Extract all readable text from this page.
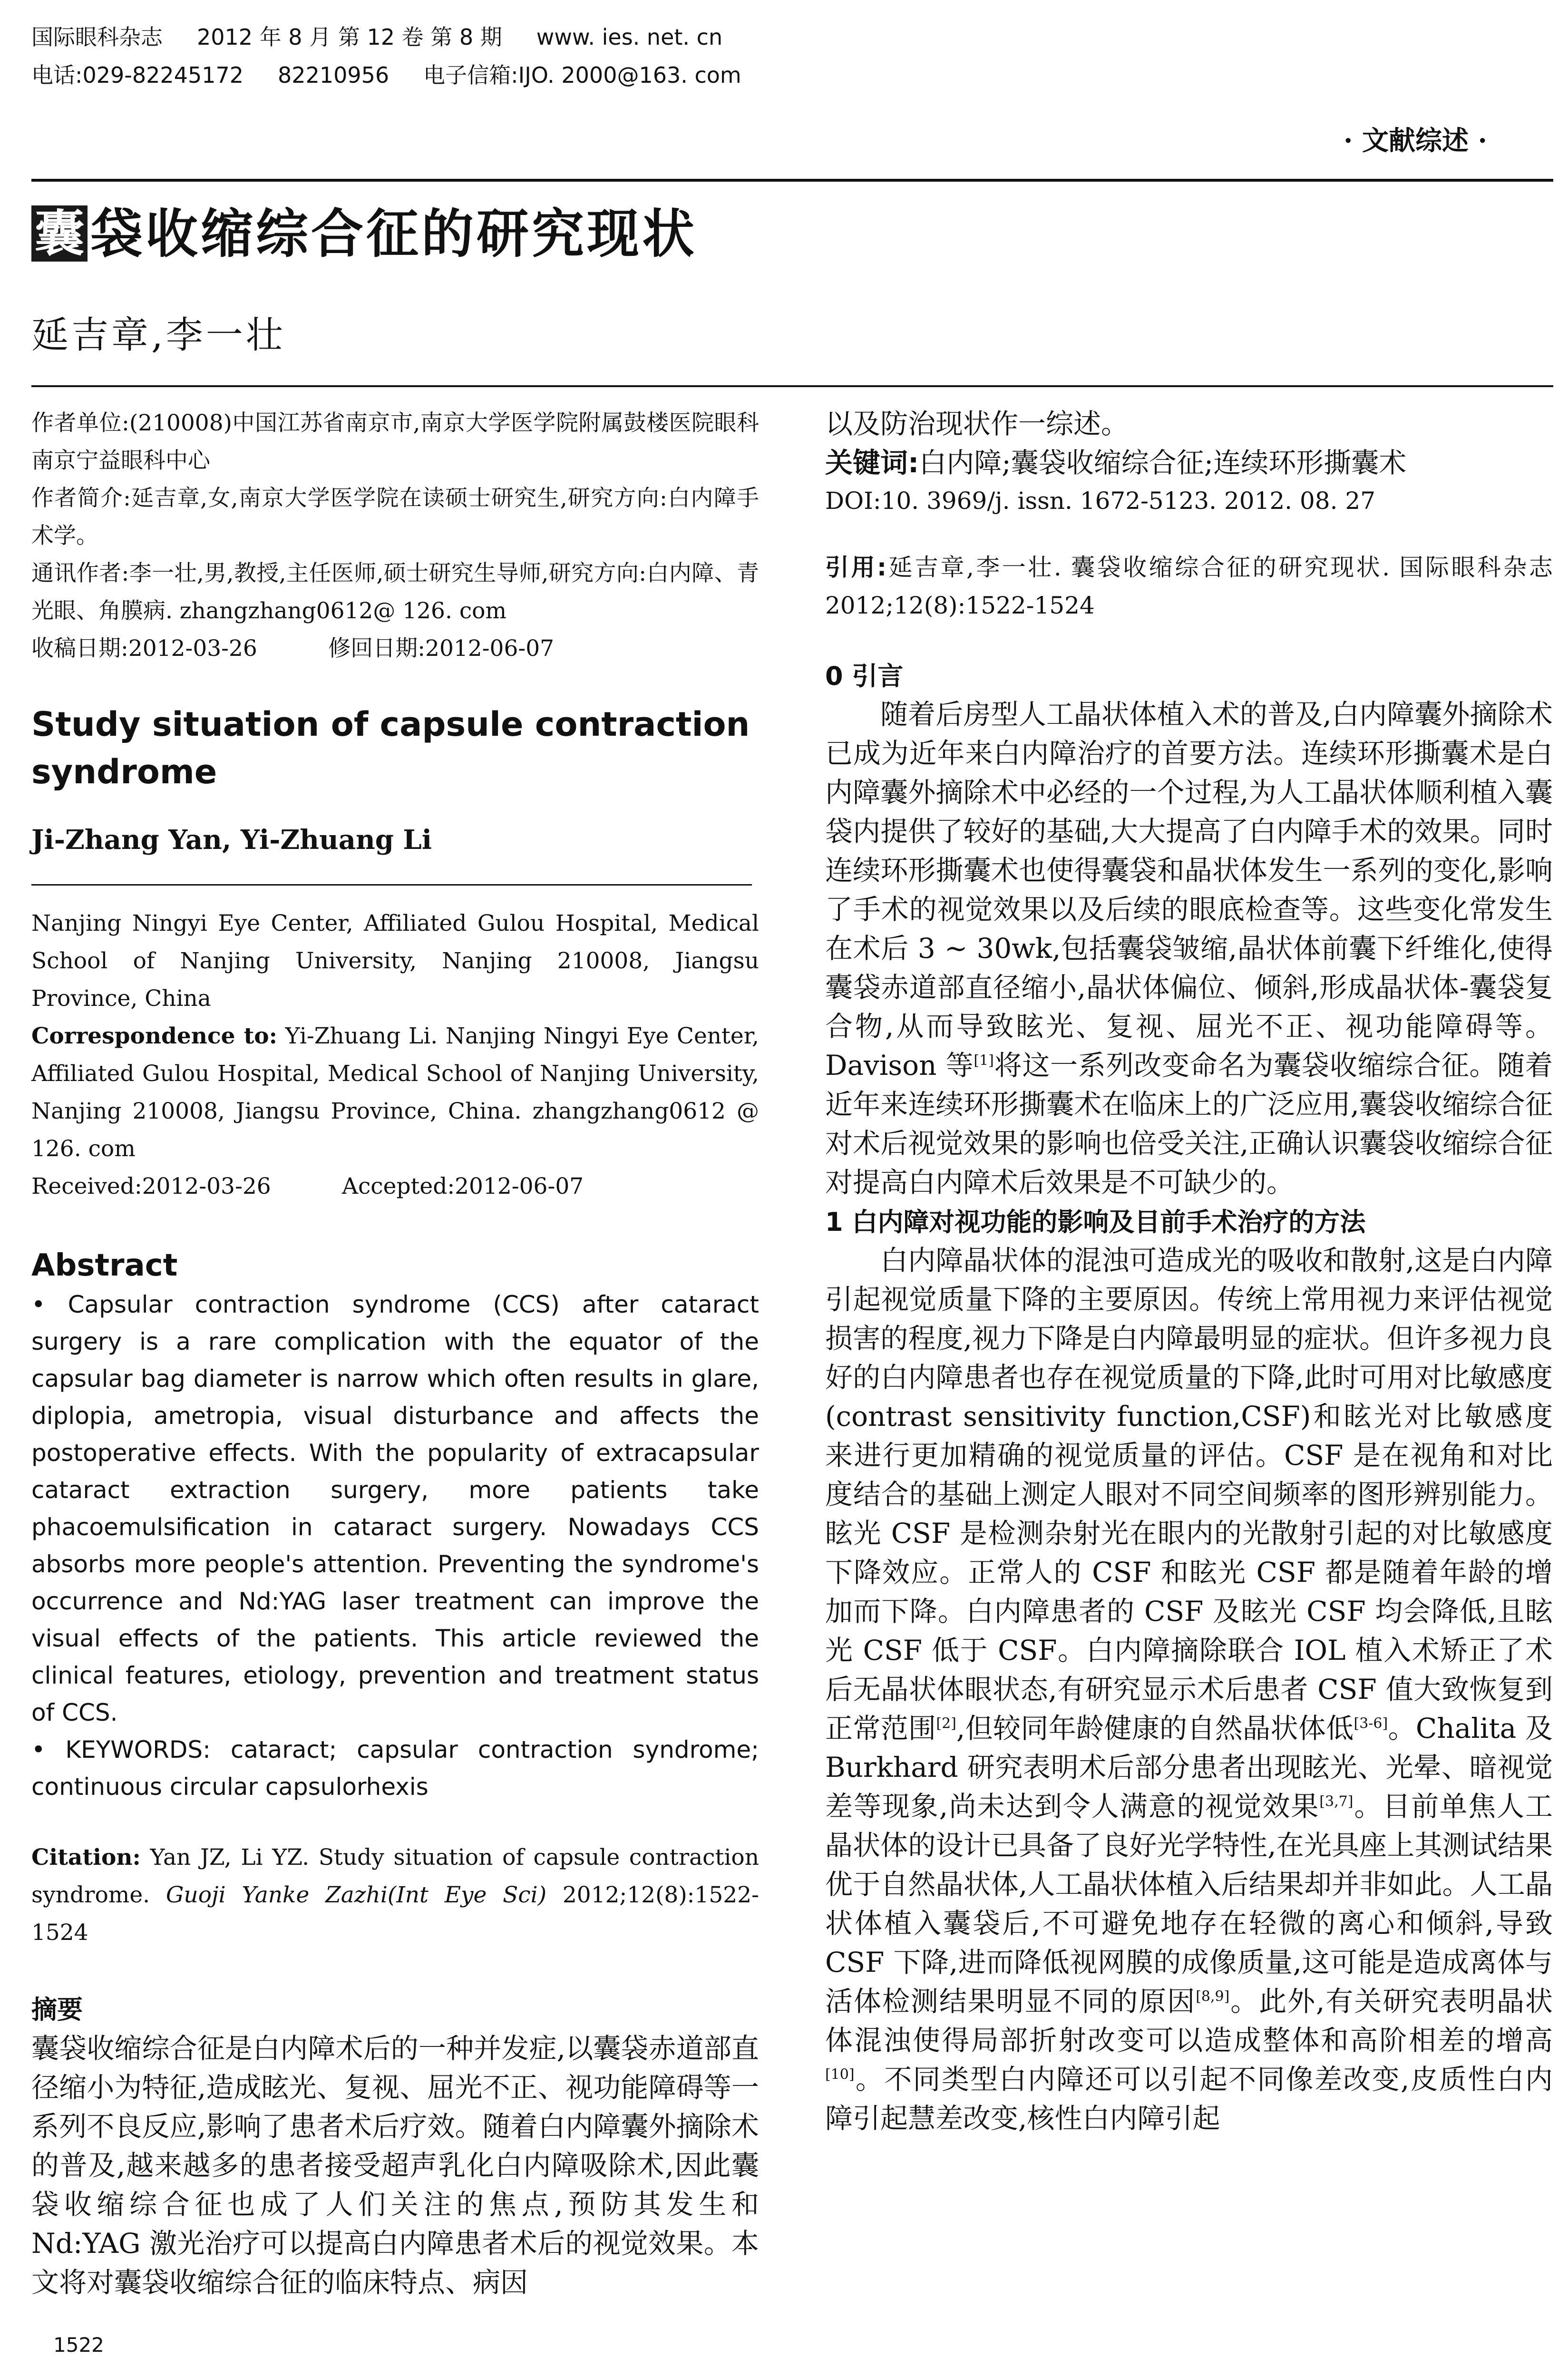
国际眼科杂志 2012 年 8 月 第 12 卷 第 8 期 www. ies. net. cn
电话:029-82245172 82210956 电子信箱:IJO. 2000@163. com
· 文献综述 ·
囊 袋收缩综合征的研究现状
延吉章,李一壮

作者单位:(210008)中国江苏省南京市,南京大学医学院附属鼓楼医院眼科南京宁益眼科中心

作者简介:延吉章,女,南京大学医学院在读硕士研究生,研究方向:白内障手术学。

通讯作者:李一壮,男,教授,主任医师,硕士研究生导师,研究方向:白内障、青光眼、角膜病. zhangzhang0612@ 126. com

收稿日期:2012-03-26          修回日期:2012-06-07

Study situation of capsule contraction syndrome
Ji-Zhang Yan, Yi-Zhuang Li

Nanjing Ningyi Eye Center, Affiliated Gulou Hospital, Medical School of Nanjing University, Nanjing 210008, Jiangsu Province, China

Correspondence to: Yi-Zhuang Li. Nanjing Ningyi Eye Center, Affiliated Gulou Hospital, Medical School of Nanjing University, Nanjing 210008, Jiangsu Province, China. zhangzhang0612 @ 126. com

Received:2012-03-26          Accepted:2012-06-07

Abstract

• Capsular contraction syndrome (CCS) after cataract surgery is a rare complication with the equator of the capsular bag diameter is narrow which often results in glare, diplopia, ametropia, visual disturbance and affects the postoperative effects. With the popularity of extracapsular cataract extraction surgery, more patients take phacoemulsification in cataract surgery. Nowadays CCS absorbs more people's attention. Preventing the syndrome's occurrence and Nd:YAG laser treatment can improve the visual effects of the patients. This article reviewed the clinical features, etiology, prevention and treatment status of CCS.

• KEYWORDS: cataract; capsular contraction syndrome; continuous circular capsulorhexis

Citation: Yan JZ, Li YZ. Study situation of capsule contraction syndrome. Guoji Yanke Zazhi(Int Eye Sci) 2012;12(8):1522-1524

摘要

囊袋收缩综合征是白内障术后的一种并发症,以囊袋赤道部直径缩小为特征,造成眩光、复视、屈光不正、视功能障碍等一系列不良反应,影响了患者术后疗效。随着白内障囊外摘除术的普及,越来越多的患者接受超声乳化白内障吸除术,因此囊袋收缩综合征也成了人们关注的焦点,预防其发生和 Nd:YAG 激光治疗可以提高白内障患者术后的视觉效果。本文将对囊袋收缩综合征的临床特点、病因

以及防治现状作一综述。

关键词:白内障;囊袋收缩综合征;连续环形撕囊术

DOI:10. 3969/j. issn. 1672-5123. 2012. 08. 27

引用:延吉章,李一壮. 囊袋收缩综合征的研究现状. 国际眼科杂志 2012;12(8):1522-1524

0 引言

随着后房型人工晶状体植入术的普及,白内障囊外摘除术已成为近年来白内障治疗的首要方法。连续环形撕囊术是白内障囊外摘除术中必经的一个过程,为人工晶状体顺利植入囊袋内提供了较好的基础,大大提高了白内障手术的效果。同时连续环形撕囊术也使得囊袋和晶状体发生一系列的变化,影响了手术的视觉效果以及后续的眼底检查等。这些变化常发生在术后 3 ~ 30wk,包括囊袋皱缩,晶状体前囊下纤维化,使得囊袋赤道部直径缩小,晶状体偏位、倾斜,形成晶状体-囊袋复合物,从而导致眩光、复视、屈光不正、视功能障碍等。Davison 等[1]将这一系列改变命名为囊袋收缩综合征。随着近年来连续环形撕囊术在临床上的广泛应用,囊袋收缩综合征对术后视觉效果的影响也倍受关注,正确认识囊袋收缩综合征对提高白内障术后效果是不可缺少的。

1 白内障对视功能的影响及目前手术治疗的方法

白内障晶状体的混浊可造成光的吸收和散射,这是白内障引起视觉质量下降的主要原因。传统上常用视力来评估视觉损害的程度,视力下降是白内障最明显的症状。但许多视力良好的白内障患者也存在视觉质量的下降,此时可用对比敏感度(contrast sensitivity function,CSF)和眩光对比敏感度来进行更加精确的视觉质量的评估。CSF 是在视角和对比度结合的基础上测定人眼对不同空间频率的图形辨别能力。眩光 CSF 是检测杂射光在眼内的光散射引起的对比敏感度下降效应。正常人的 CSF 和眩光 CSF 都是随着年龄的增加而下降。白内障患者的 CSF 及眩光 CSF 均会降低,且眩光 CSF 低于 CSF。白内障摘除联合 IOL 植入术矫正了术后无晶状体眼状态,有研究显示术后患者 CSF 值大致恢复到正常范围[2],但较同年龄健康的自然晶状体低[3-6]。Chalita 及 Burkhard 研究表明术后部分患者出现眩光、光晕、暗视觉差等现象,尚未达到令人满意的视觉效果[3,7]。目前单焦人工晶状体的设计已具备了良好光学特性,在光具座上其测试结果优于自然晶状体,人工晶状体植入后结果却并非如此。人工晶状体植入囊袋后,不可避免地存在轻微的离心和倾斜,导致 CSF 下降,进而降低视网膜的成像质量,这可能是造成离体与活体检测结果明显不同的原因[8,9]。此外,有关研究表明晶状体混浊使得局部折射改变可以造成整体和高阶相差的增高[10]。不同类型白内障还可以引起不同像差改变,皮质性白内障引起慧差改变,核性白内障引起

1522
